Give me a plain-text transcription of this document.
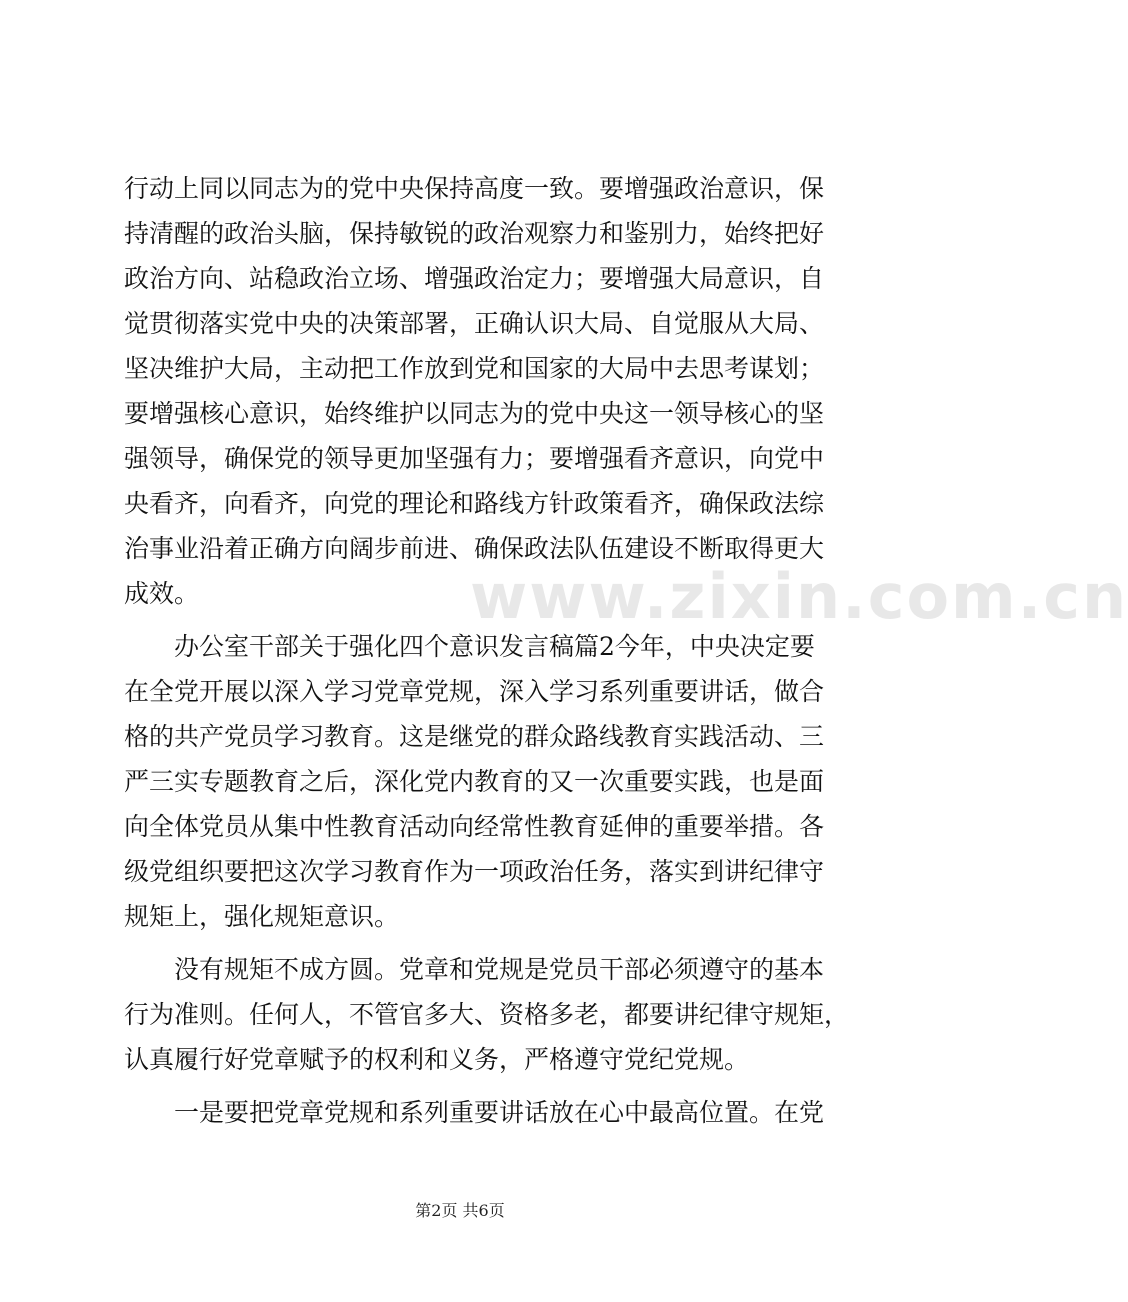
行动上同以同志为的党中央保持高度一致。要增强政治意识，保
持清醒的政治头脑，保持敏锐的政治观察力和鉴别力，始终把好
政治方向、站稳政治立场、增强政治定力；要增强大局意识，自
觉贯彻落实党中央的决策部署，正确认识大局、自觉服从大局、
坚决维护大局，主动把工作放到党和国家的大局中去思考谋划；
要增强核心意识，始终维护以同志为的党中央这一领导核心的坚
强领导，确保党的领导更加坚强有力；要增强看齐意识，向党中
央看齐，向看齐，向党的理论和路线方针政策看齐，确保政法综
治事业沿着正确方向阔步前进、确保政法队伍建设不断取得更大
成效。
办公室干部关于强化四个意识发言稿篇2今年，中央决定要
在全党开展以深入学习党章党规，深入学习系列重要讲话，做合
格的共产党员学习教育。这是继党的群众路线教育实践活动、三
严三实专题教育之后，深化党内教育的又一次重要实践，也是面
向全体党员从集中性教育活动向经常性教育延伸的重要举措。各
级党组织要把这次学习教育作为一项政治任务，落实到讲纪律守
规矩上，强化规矩意识。
没有规矩不成方圆。党章和党规是党员干部必须遵守的基本
行为准则。任何人，不管官多大、资格多老，都要讲纪律守规矩，
认真履行好党章赋予的权利和义务，严格遵守党纪党规。
一是要把党章党规和系列重要讲话放在心中最高位置。在党
www.zixin.com.cn
第2页 共6页
